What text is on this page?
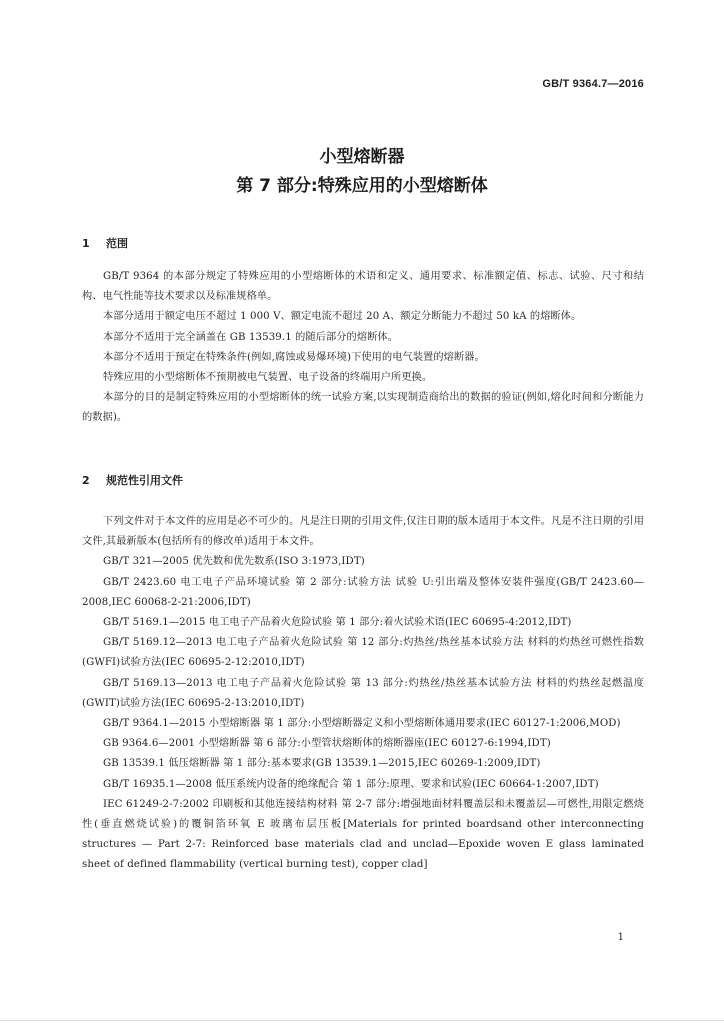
GB/T 9364.7—2016
小型熔断器
第 7 部分:特殊应用的小型熔断体
1 范围

GB/T 9364 的本部分规定了特殊应用的小型熔断体的术语和定义、通用要求、标准额定值、标志、试验、尺寸和结构、电气性能等技术要求以及标准规格单。

本部分适用于额定电压不超过 1 000 V、额定电流不超过 20 A、额定分断能力不超过 50 kA 的熔断体。

本部分不适用于完全涵盖在 GB 13539.1 的随后部分的熔断体。

本部分不适用于预定在特殊条件(例如,腐蚀或易爆环境)下使用的电气装置的熔断器。

特殊应用的小型熔断体不预期被电气装置、电子设备的终端用户所更换。

本部分的目的是制定特殊应用的小型熔断体的统一试验方案,以实现制造商给出的数据的验证(例如,熔化时间和分断能力的数据)。

2 规范性引用文件

下列文件对于本文件的应用是必不可少的。凡是注日期的引用文件,仅注日期的版本适用于本文件。凡是不注日期的引用文件,其最新版本(包括所有的修改单)适用于本文件。

GB/T 321—2005 优先数和优先数系(ISO 3:1973,IDT)

GB/T 2423.60 电工电子产品环境试验 第 2 部分:试验方法 试验 U:引出端及整体安装件强度(GB/T 2423.60—2008,IEC 60068-2-21:2006,IDT)

GB/T 5169.1—2015 电工电子产品着火危险试验 第 1 部分:着火试验术语(IEC 60695-4:2012,IDT)

GB/T 5169.12—2013 电工电子产品着火危险试验 第 12 部分:灼热丝/热丝基本试验方法 材料的灼热丝可燃性指数(GWFI)试验方法(IEC 60695-2-12:2010,IDT)

GB/T 5169.13—2013 电工电子产品着火危险试验 第 13 部分:灼热丝/热丝基本试验方法 材料的灼热丝起燃温度(GWIT)试验方法(IEC 60695-2-13:2010,IDT)

GB/T 9364.1—2015 小型熔断器 第 1 部分:小型熔断器定义和小型熔断体通用要求(IEC 60127-1:2006,MOD)

GB 9364.6—2001 小型熔断器 第 6 部分:小型管状熔断体的熔断器座(IEC 60127-6:1994,IDT)

GB 13539.1 低压熔断器 第 1 部分:基本要求(GB 13539.1—2015,IEC 60269-1:2009,IDT)

GB/T 16935.1—2008 低压系统内设备的绝缘配合 第 1 部分:原理、要求和试验(IEC 60664-1:2007,IDT)

IEC 61249-2-7:2002 印刷板和其他连接结构材料 第 2-7 部分:增强地面材料覆盖层和未覆盖层—可燃性,用限定燃烧性(垂直燃烧试验)的覆铜箔环氧 E 玻璃布层压板[Materials for printed boardsand other interconnecting structures — Part 2-7: Reinforced base materials clad and unclad—Epoxide woven E glass laminated sheet of defined flammability (vertical burning test), copper clad]

1
